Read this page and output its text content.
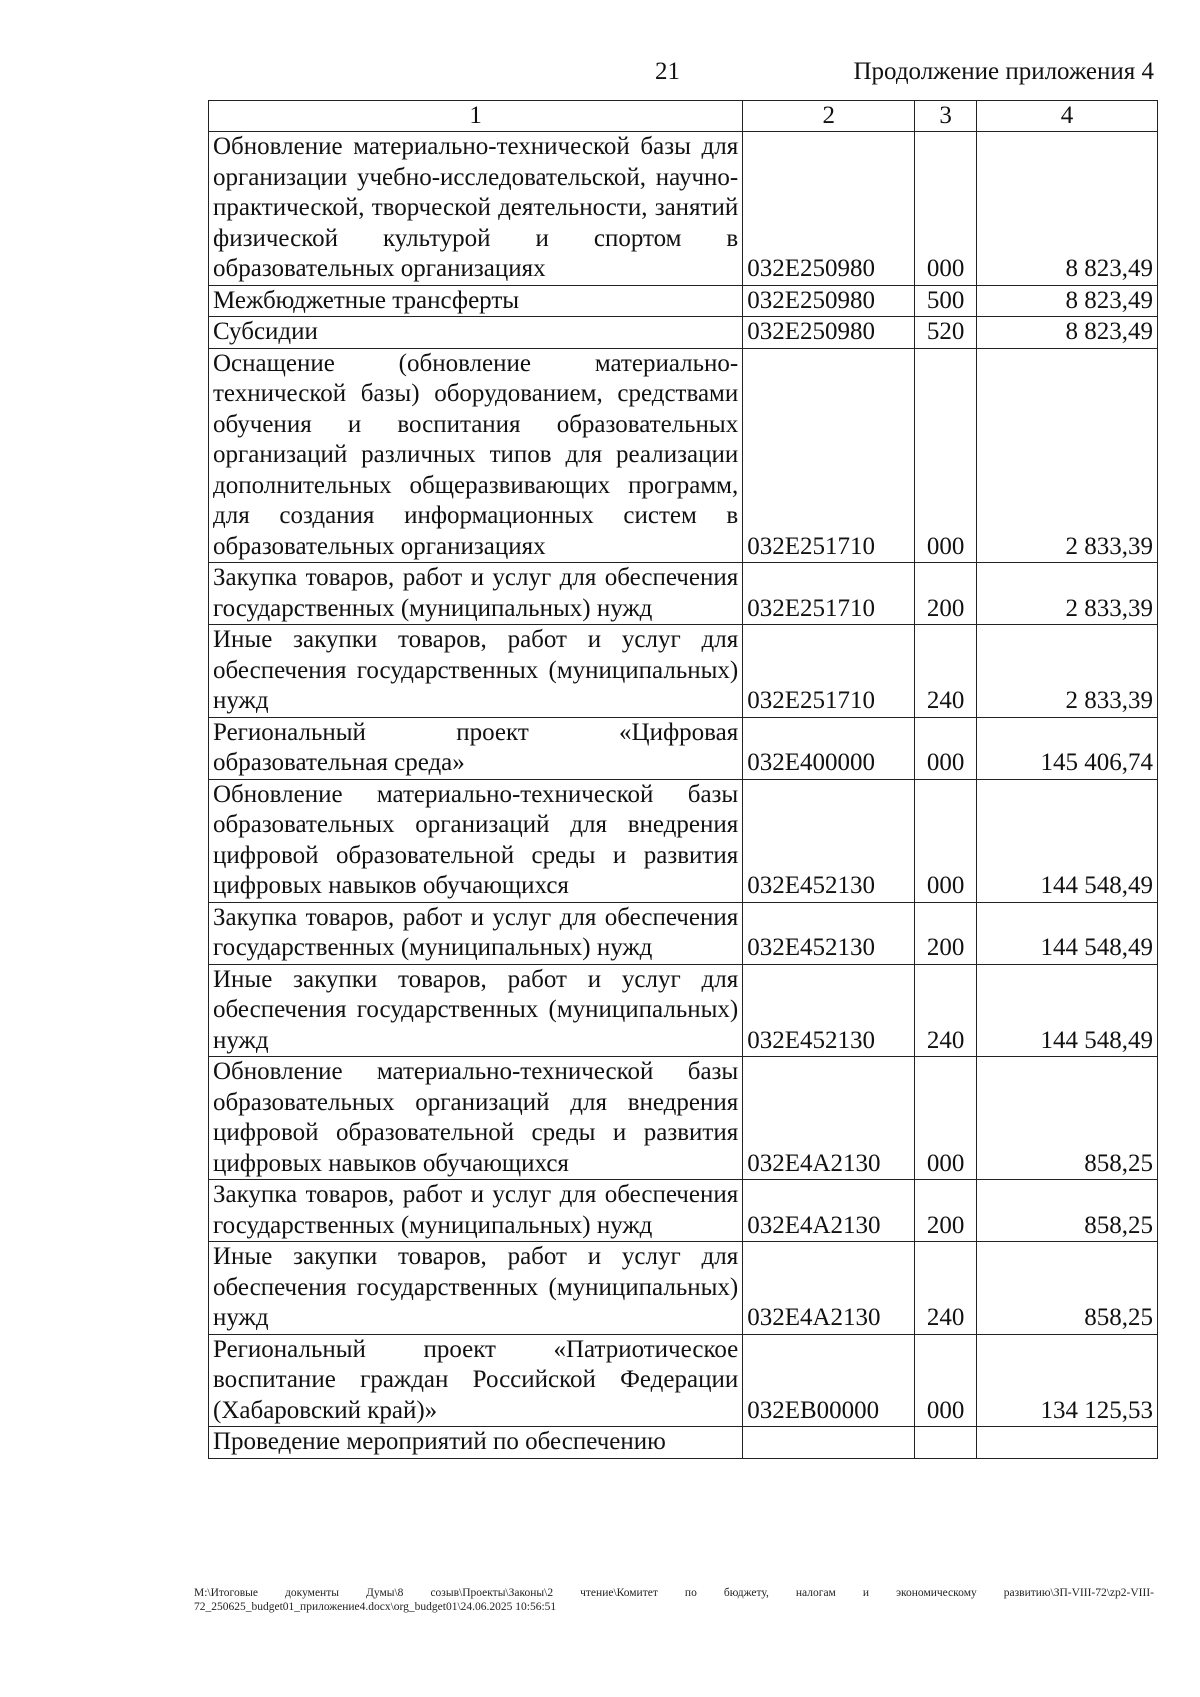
21	Продолжение приложения 4
1	2	3	4
Обновление материально-технической базы для организации учебно-исследовательской, научно-практической, творческой деятельности, занятий физической культурой и спортом в образовательных организациях	032E250980	000	8 823,49
Межбюджетные трансферты	032E250980	500	8 823,49
Субсидии	032E250980	520	8 823,49
Оснащение (обновление материально-технической базы) оборудованием, средствами обучения и воспитания образовательных организаций различных типов для реализации дополнительных общеразвивающих программ, для создания информационных систем в образовательных организациях	032E251710	000	2 833,39
Закупка товаров, работ и услуг для обеспечения государственных (муниципальных) нужд	032E251710	200	2 833,39
Иные закупки товаров, работ и услуг для обеспечения государственных (муниципальных) нужд	032E251710	240	2 833,39
Региональный проект «Цифровая образовательная среда»	032E400000	000	145 406,74
Обновление материально-технической базы образовательных организаций для внедрения цифровой образовательной среды и развития цифровых навыков обучающихся	032E452130	000	144 548,49
Закупка товаров, работ и услуг для обеспечения государственных (муниципальных) нужд	032E452130	200	144 548,49
Иные закупки товаров, работ и услуг для обеспечения государственных (муниципальных) нужд	032E452130	240	144 548,49
Обновление материально-технической базы образовательных организаций для внедрения цифровой образовательной среды и развития цифровых навыков обучающихся	032E4A2130	000	858,25
Закупка товаров, работ и услуг для обеспечения государственных (муниципальных) нужд	032E4A2130	200	858,25
Иные закупки товаров, работ и услуг для обеспечения государственных (муниципальных) нужд	032E4A2130	240	858,25
Региональный проект «Патриотическое воспитание граждан Российской Федерации (Хабаровский край)»	032EB00000	000	134 125,53
Проведение мероприятий по обеспечению			
M:\Итоговые документы Думы\8 созыв\Проекты\Законы\2 чтение\Комитет по бюджету, налогам и экономическому развитию\ЗП-VIII-72\zp2-VIII-72_250625_budget01_приложение4.docx\org_budget01\24.06.2025 10:56:51
